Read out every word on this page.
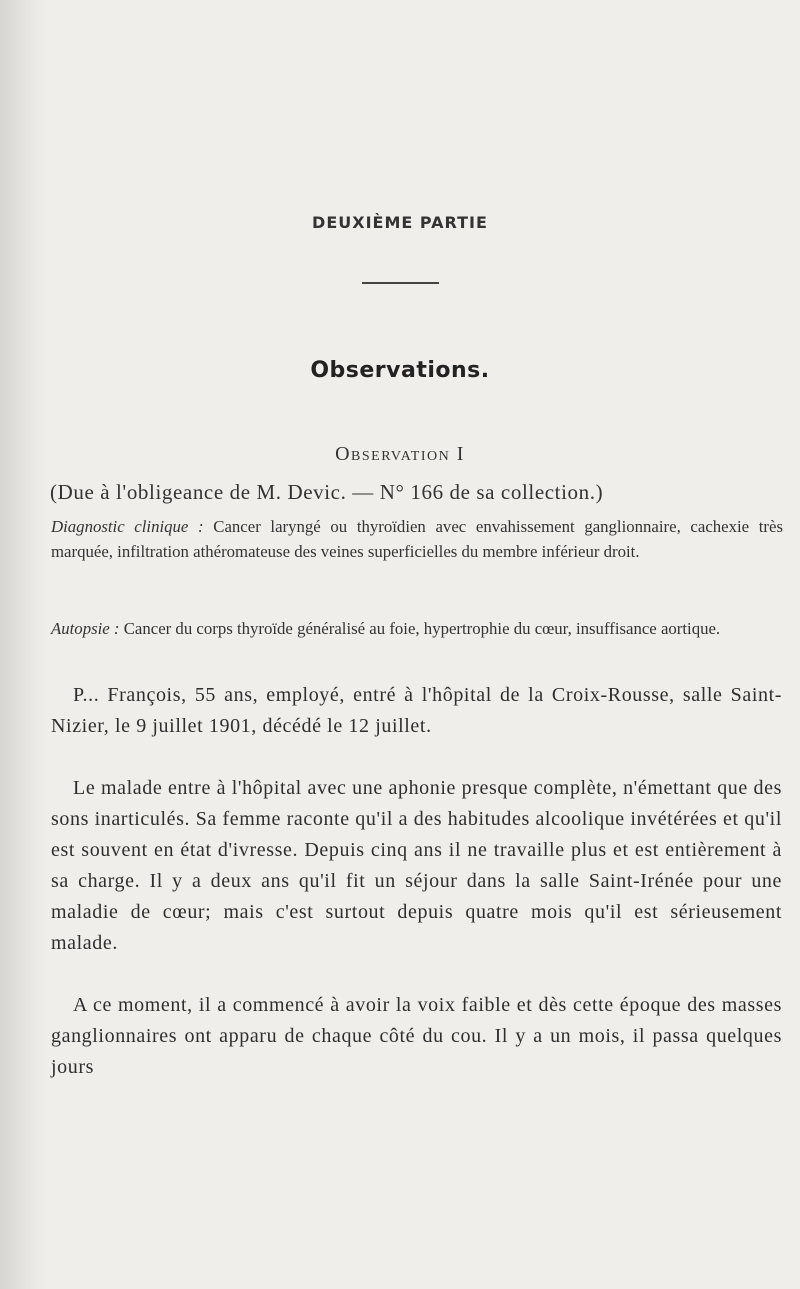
DEUXIÈME PARTIE
Observations.
Observation I
(Due à l'obligeance de M. Devic. — N° 166 de sa collection.)
Diagnostic clinique : Cancer laryngé ou thyroïdien avec envahissement ganglionnaire, cachexie très marquée, infiltration athéromateuse des veines superficielles du membre inférieur droit.
Autopsie : Cancer du corps thyroïde généralisé au foie, hypertrophie du cœur, insuffisance aortique.

P... François, 55 ans, employé, entré à l'hôpital de la Croix-Rousse, salle Saint-Nizier, le 9 juillet 1901, décédé le 12 juillet.

Le malade entre à l'hôpital avec une aphonie presque complète, n'émettant que des sons inarticulés. Sa femme raconte qu'il a des habitudes alcoolique invétérées et qu'il est souvent en état d'ivresse. Depuis cinq ans il ne travaille plus et est entièrement à sa charge. Il y a deux ans qu'il fit un séjour dans la salle Saint-Irénée pour une maladie de cœur; mais c'est surtout depuis quatre mois qu'il est sérieusement malade.

A ce moment, il a commencé à avoir la voix faible et dès cette époque des masses ganglionnaires ont apparu de chaque côté du cou. Il y a un mois, il passa quelques jours
